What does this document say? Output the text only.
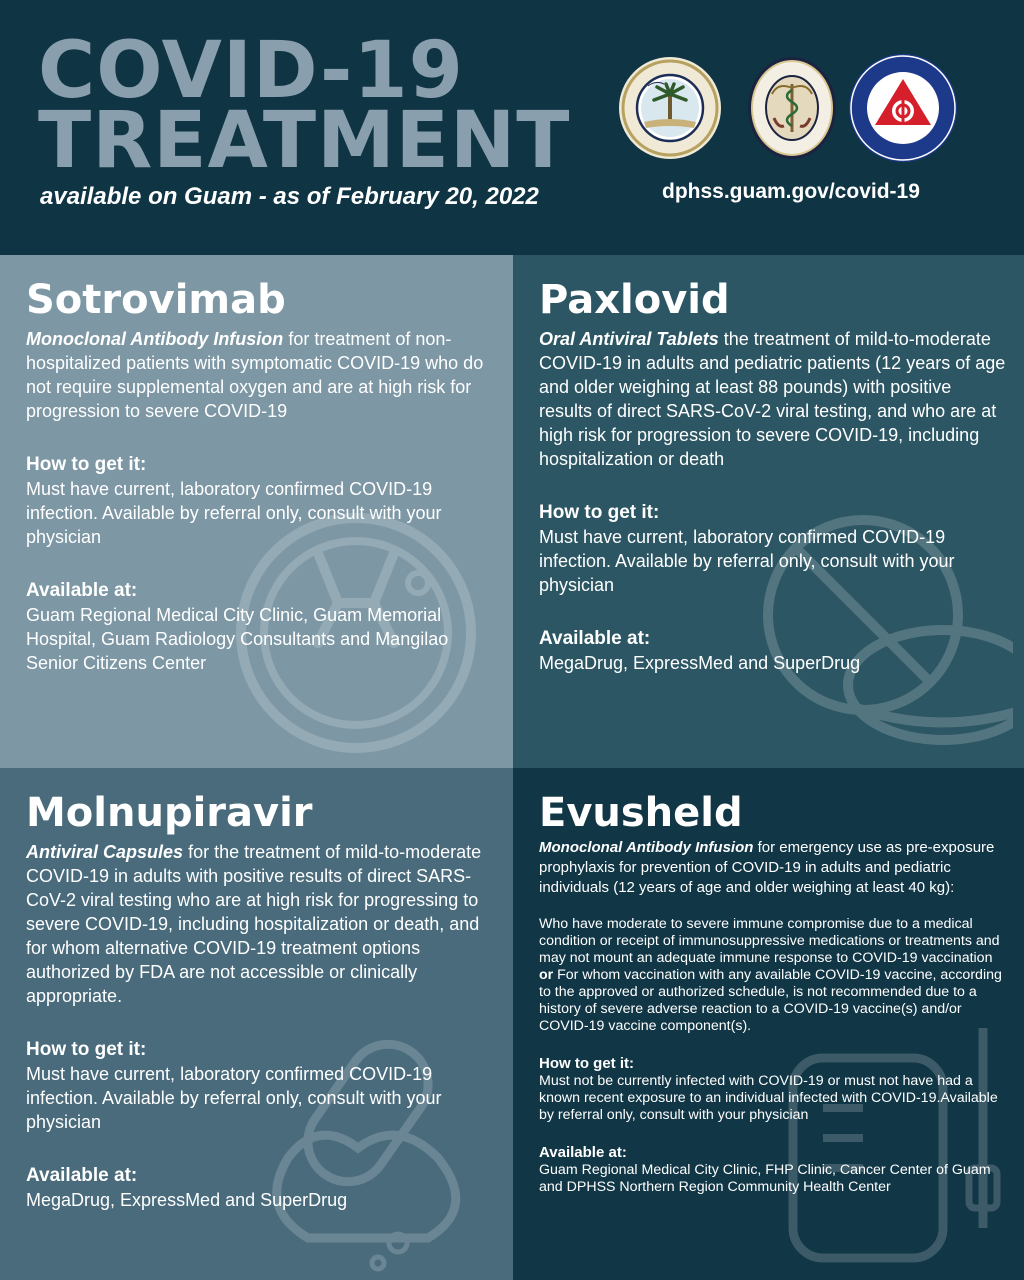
COVID-19
TREATMENT
available on Guam - as of February 20, 2022	dphss.guam.gov/covid-19
Sotrovimab
Monoclonal Antibody Infusion for treatment of non-hospitalized patients with symptomatic COVID-19 who do not require supplemental oxygen and are at high risk for progression to severe COVID-19
How to get it:
Must have current, laboratory confirmed COVID-19 infection. Available by referral only, consult with your physician
Available at:
Guam Regional Medical City Clinic, Guam Memorial Hospital, Guam Radiology Consultants and Mangilao Senior Citizens Center
Paxlovid
Oral Antiviral Tablets the treatment of mild-to-moderate COVID-19 in adults and pediatric patients (12 years of age and older weighing at least 88 pounds) with positive results of direct SARS-CoV-2 viral testing, and who are at high risk for progression to severe COVID-19, including hospitalization or death
How to get it:
Must have current, laboratory confirmed COVID-19 infection. Available by referral only, consult with your physician
Available at:
MegaDrug, ExpressMed and SuperDrug
Molnupiravir
Antiviral Capsules for the treatment of mild-to-moderate COVID-19 in adults with positive results of direct SARS-CoV-2 viral testing who are at high risk for progressing to severe COVID-19, including hospitalization or death, and for whom alternative COVID-19 treatment options authorized by FDA are not accessible or clinically appropriate.
How to get it:
Must have current, laboratory confirmed COVID-19 infection. Available by referral only, consult with your physician
Available at:
MegaDrug, ExpressMed and SuperDrug
Evusheld
Monoclonal Antibody Infusion for emergency use as pre-exposure prophylaxis for prevention of COVID-19 in adults and pediatric individuals (12 years of age and older weighing at least 40 kg):
Who have moderate to severe immune compromise due to a medical condition or receipt of immunosuppressive medications or treatments and may not mount an adequate immune response to COVID-19 vaccination or For whom vaccination with any available COVID-19 vaccine, according to the approved or authorized schedule, is not recommended due to a history of severe adverse reaction to a COVID-19 vaccine(s) and/or COVID-19 vaccine component(s).
How to get it:
Must not be currently infected with COVID-19 or must not have had a known recent exposure to an individual infected with COVID-19.Available by referral only, consult with your physician
Available at:
Guam Regional Medical City Clinic, FHP Clinic, Cancer Center of Guam and DPHSS Northern Region Community Health Center
